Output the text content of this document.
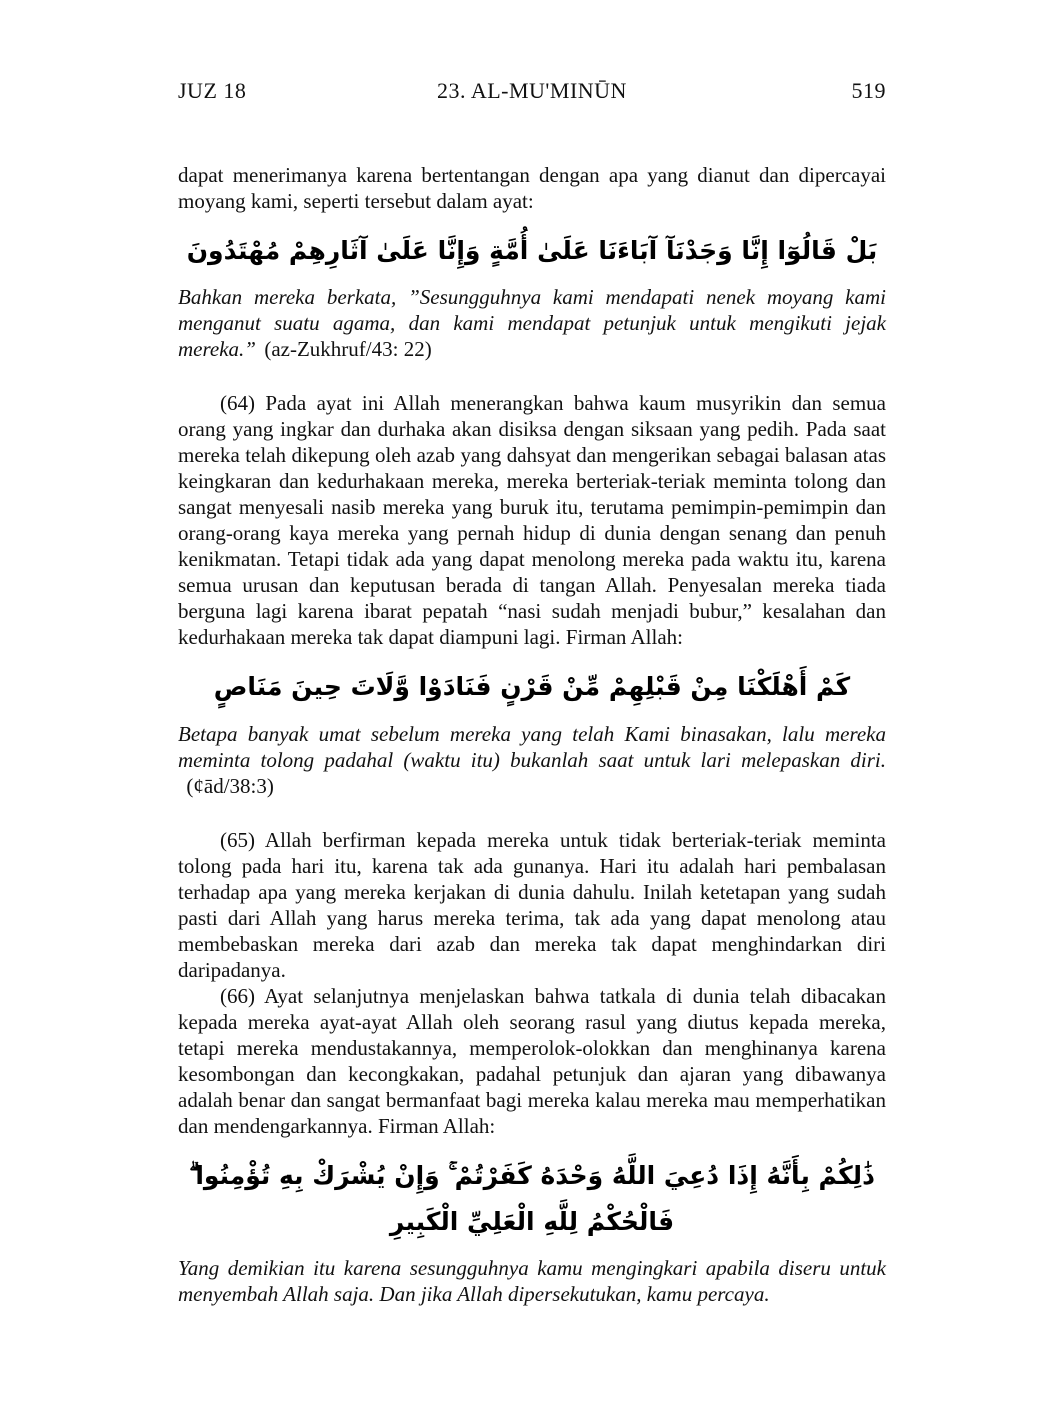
JUZ 18	23. AL-MU'MINŪN	519

dapat menerimanya karena bertentangan dengan apa yang dianut dan dipercayai moyang kami, seperti tersebut dalam ayat:

بَلْ قَالُوٓا إِنَّا وَجَدْنَآ آبَاءَنَا عَلَىٰ أُمَّةٍ وَإِنَّا عَلَىٰ آثَارِهِمْ مُهْتَدُونَ

Bahkan mereka berkata, ”Sesungguhnya kami mendapati nenek moyang kami menganut suatu agama, dan kami mendapat petunjuk untuk mengikuti jejak mereka.” (az-Zukhruf/43: 22)

(64) Pada ayat ini Allah menerangkan bahwa kaum musyrikin dan semua orang yang ingkar dan durhaka akan disiksa dengan siksaan yang pedih. Pada saat mereka telah dikepung oleh azab yang dahsyat dan mengerikan sebagai balasan atas keingkaran dan kedurhakaan mereka, mereka berteriak-teriak meminta tolong dan sangat menyesali nasib mereka yang buruk itu, terutama pemimpin-pemimpin dan orang-orang kaya mereka yang pernah hidup di dunia dengan senang dan penuh kenikmatan. Tetapi tidak ada yang dapat menolong mereka pada waktu itu, karena semua urusan dan keputusan berada di tangan Allah. Penyesalan mereka tiada berguna lagi karena ibarat pepatah “nasi sudah menjadi bubur,” kesalahan dan kedurhakaan mereka tak dapat diampuni lagi. Firman Allah:

كَمْ أَهْلَكْنَا مِنْ قَبْلِهِمْ مِّنْ قَرْنٍ فَنَادَوْا وَّلَاتَ حِينَ مَنَاصٍ

Betapa banyak umat sebelum mereka yang telah Kami binasakan, lalu mereka meminta tolong padahal (waktu itu) bukanlah saat untuk lari melepaskan diri.(¢ād/38:3)

(65) Allah berfirman kepada mereka untuk tidak berteriak-teriak meminta tolong pada hari itu, karena tak ada gunanya. Hari itu adalah hari pembalasan terhadap apa yang mereka kerjakan di dunia dahulu. Inilah ketetapan yang sudah pasti dari Allah yang harus mereka terima, tak ada yang dapat menolong atau membebaskan mereka dari azab dan mereka tak dapat menghindarkan diri daripadanya.

(66) Ayat selanjutnya menjelaskan bahwa tatkala di dunia telah dibacakan kepada mereka ayat-ayat Allah oleh seorang rasul yang diutus kepada mereka, tetapi mereka mendustakannya, memperolok-olokkan dan menghinanya karena kesombongan dan kecongkakan, padahal petunjuk dan ajaran yang dibawanya adalah benar dan sangat bermanfaat bagi mereka kalau mereka mau memperhatikan dan mendengarkannya. Firman Allah:

ذَٰلِكُمْ بِأَنَّهُ إِذَا دُعِيَ اللَّهُ وَحْدَهُ كَفَرْتُمْ ۚ وَإِنْ يُشْرَكْ بِهِ تُؤْمِنُوا ۗ فَالْحُكْمُ لِلَّهِ الْعَلِيِّ الْكَبِيرِ

Yang demikian itu karena sesungguhnya kamu mengingkari apabila diseru untuk menyembah Allah saja. Dan jika Allah dipersekutukan, kamu percaya.
